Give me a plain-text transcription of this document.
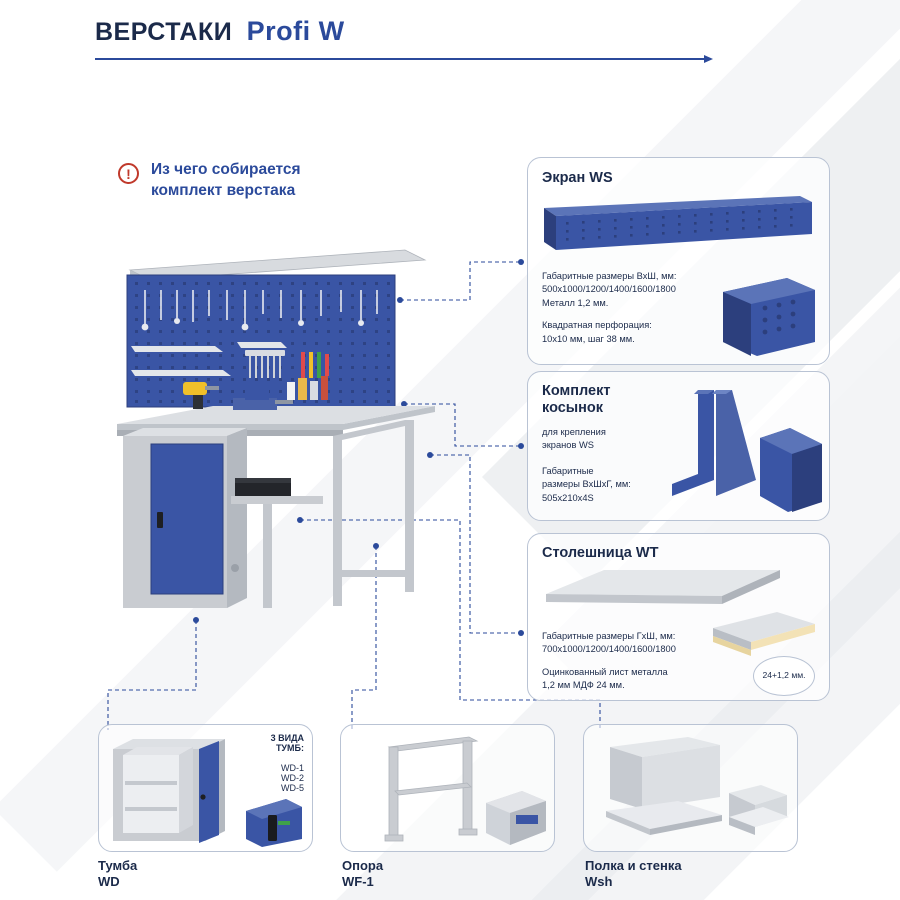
ВЕРСТАКИ Profi W
!	Из чего собирается
комплект верстака
Экран WS
Габаритные размеры ВхШ, мм:
500x1000/1200/1400/1600/1800
Металл 1,2 мм.
Квадратная перфорация:
10х10 мм, шаг 38 мм.
Комплект
косынок
для крепления
экранов WS
Габаритные
размеры ВхШхГ, мм:
505х210х4S
Столешница WT
Габаритные размеры ГхШ, мм:
700x1000/1200/1400/1600/1800
Оцинкованный лист металла
1,2 мм МДФ 24 мм.
24+1,2 мм.
3 ВИДА
ТУМБ:
WD-1
WD-2
WD-5
Тумба
WD
Опора
WF-1
Полка и стенка
Wsh
